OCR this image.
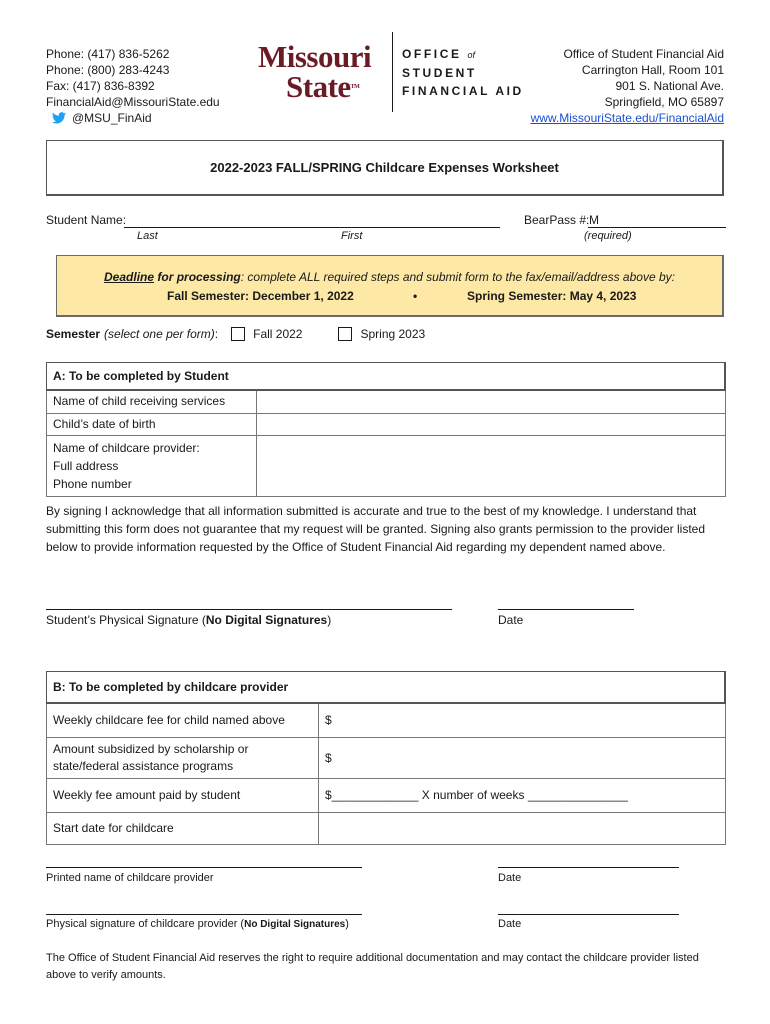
Phone: (417) 836-5262
Phone: (800) 283-4243
Fax: (417) 836-8392
FinancialAid@MissouriState.edu
@MSU_FinAid
Missouri
StateTM
OFFICE of
STUDENT
FINANCIAL AID
Office of Student Financial Aid
Carrington Hall, Room 101
901 S. National Ave.
Springfield, MO 65897
www.MissouriState.edu/FinancialAid
2022-2023 FALL/SPRING Childcare Expenses Worksheet
Student Name:
Last	First
BearPass #: M
(required)
Deadline for processing: complete ALL required steps and submit form to the fax/email/address above by:
Fall Semester: December 1, 2022	•	Spring Semester: May 4, 2023
Semester (select one per form) :	Fall 2022	Spring 2023
A: To be completed by Student	
Name of child receiving services	
Child’s date of birth	

Name of childcare provider:
Full address
Phone number	

By signing I acknowledge that all information submitted is accurate and true to the best of my knowledge. I understand that submitting this form does not guarantee that my request will be granted. Signing also grants permission to the provider listed below to provide information requested by the Office of Student Financial Aid regarding my dependent named above.
Student’s Physical Signature (No Digital Signatures)	Date
B: To be completed by childcare provider	
Weekly childcare fee for child named above	$
Amount subsidized by scholarship or state/federal assistance programs	$
Weekly fee amount paid by student	$_____________ X number of weeks _______________
Start date for childcare	
Printed name of childcare provider	Date
Physical signature of childcare provider (No Digital Signatures)	Date
The Office of Student Financial Aid reserves the right to require additional documentation and may contact the childcare provider listed above to verify amounts.
